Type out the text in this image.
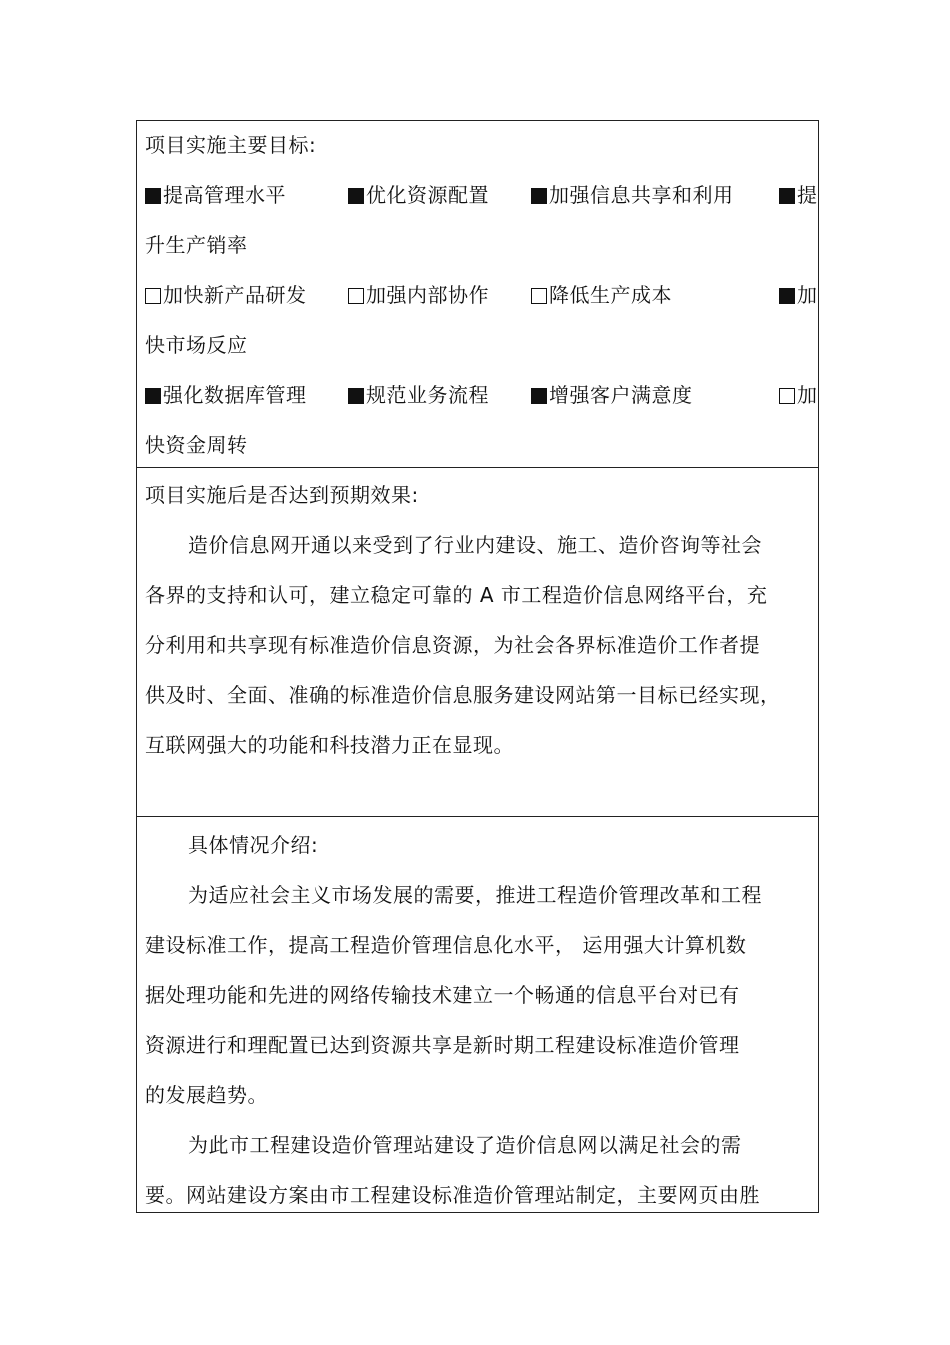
项目实施主要目标:
提高管理水平	优化资源配置	加强信息共享和利用	提
升生产销率
加快新产品研发	加强内部协作	降低生产成本	加
快市场反应
强化数据库管理	规范业务流程	增强客户满意度	加
快资金周转
项目实施后是否达到预期效果:
造价信息网开通以来受到了行业内建设、施工、造价咨询等社会
各界的支持和认可，建立稳定可靠的 A 市工程造价信息网络平台，充
分利用和共享现有标准造价信息资源，为社会各界标准造价工作者提
供及时、全面、准确的标准造价信息服务建设网站第一目标已经实现，
互联网强大的功能和科技潜力正在显现。
具体情况介绍:
为适应社会主义市场发展的需要，推进工程造价管理改革和工程
建设标准工作，提高工程造价管理信息化水平， 运用强大计算机数
据处理功能和先进的网络传输技术建立一个畅通的信息平台对已有
资源进行和理配置已达到资源共享是新时期工程建设标准造价管理
的发展趋势。
为此市工程建设造价管理站建设了造价信息网以满足社会的需
要。网站建设方案由市工程建设标准造价管理站制定，主要网页由胜
